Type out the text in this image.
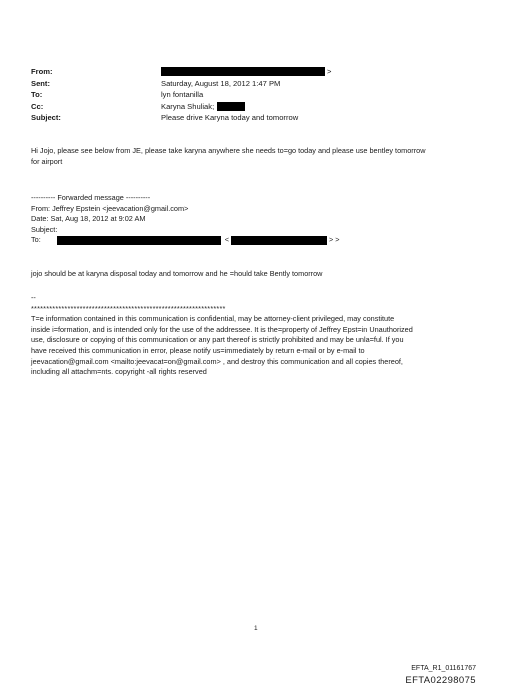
From:	>
Sent:	Saturday, August 18, 2012 1:47 PM
To:	lyn fontanilla
Cc:	Karyna Shuliak;
Subject:	Please drive Karyna today and tomorrow
Hi Jojo, please see below from JE, please take karyna anywhere she needs to=go today and please use bentley tomorrow
for airport
---------- Forwarded message ----------
From: Jeffrey Epstein <jeevacation@gmail.com>
Date: Sat, Aug 18, 2012 at 9:02 AM
Subject:
To:	<	> >
jojo should be at karyna disposal today and tomorrow and he =hould take Bently tomorrow
--
****************************************************************
T=e information contained in this communication is confidential, may be attorney-client privileged, may constitute
inside i=formation, and is intended only for the use of the addressee. It is the=property of Jeffrey Epst=in Unauthorized
use, disclosure or copying of this communication or any part thereof is strictly prohibited and may be unla=ful. If you
have received this communication in error, please notify us=immediately by return e-mail or by e-mail to
jeevacation@gmail.com <mailto:jeevacat=on@gmail.com> , and destroy this communication and all copies thereof,
including all attachm=nts. copyright -all rights reserved
1
EFTA_R1_01161767
EFTA02298075
